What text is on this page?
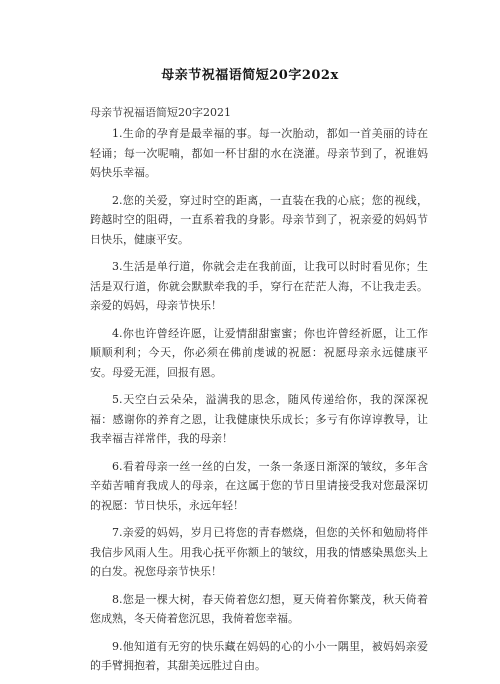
母亲节祝福语简短20字202x
母亲节祝福语简短20字2021

1.生命的孕育是最幸福的事。每一次胎动，都如一首美丽的诗在轻诵；每一次呢喃，都如一杯甘甜的水在浇灌。母亲节到了，祝谁妈妈快乐幸福。

2.您的关爱，穿过时空的距离，一直装在我的心底；您的视线，跨越时空的阻碍，一直系着我的身影。母亲节到了，祝亲爱的妈妈节日快乐，健康平安。

3.生活是单行道，你就会走在我前面，让我可以时时看见你；生活是双行道，你就会默默牵我的手，穿行在茫茫人海，不让我走丢。亲爱的妈妈，母亲节快乐！

4.你也许曾经许愿，让爱情甜甜蜜蜜；你也许曾经祈愿，让工作顺顺利利；今天，你必须在佛前虔诚的祝愿：祝愿母亲永远健康平安。母爱无涯，回报有恩。

5.天空白云朵朵，溢满我的思念，随风传递给你，我的深深祝福：感谢你的养育之恩，让我健康快乐成长；多亏有你谆谆教导，让我幸福吉祥常伴，我的母亲！

6.看着母亲一丝一丝的白发，一条一条逐日渐深的皱纹，多年含辛茹苦哺育我成人的母亲，在这属于您的节日里请接受我对您最深切的祝愿：节日快乐，永远年轻！

7.亲爱的妈妈，岁月已将您的青春燃烧，但您的关怀和勉励将伴我信步风雨人生。用我心抚平你额上的皱纹，用我的情感染黑您头上的白发。祝您母亲节快乐！

8.您是一棵大树，春天倚着您幻想，夏天倚着你繁茂，秋天倚着您成熟，冬天倚着您沉思，我倚着您幸福。

9.他知道有无穷的快乐藏在妈妈的心的小小一隅里，被妈妈亲爱的手臂拥抱着，其甜美远胜过自由。
